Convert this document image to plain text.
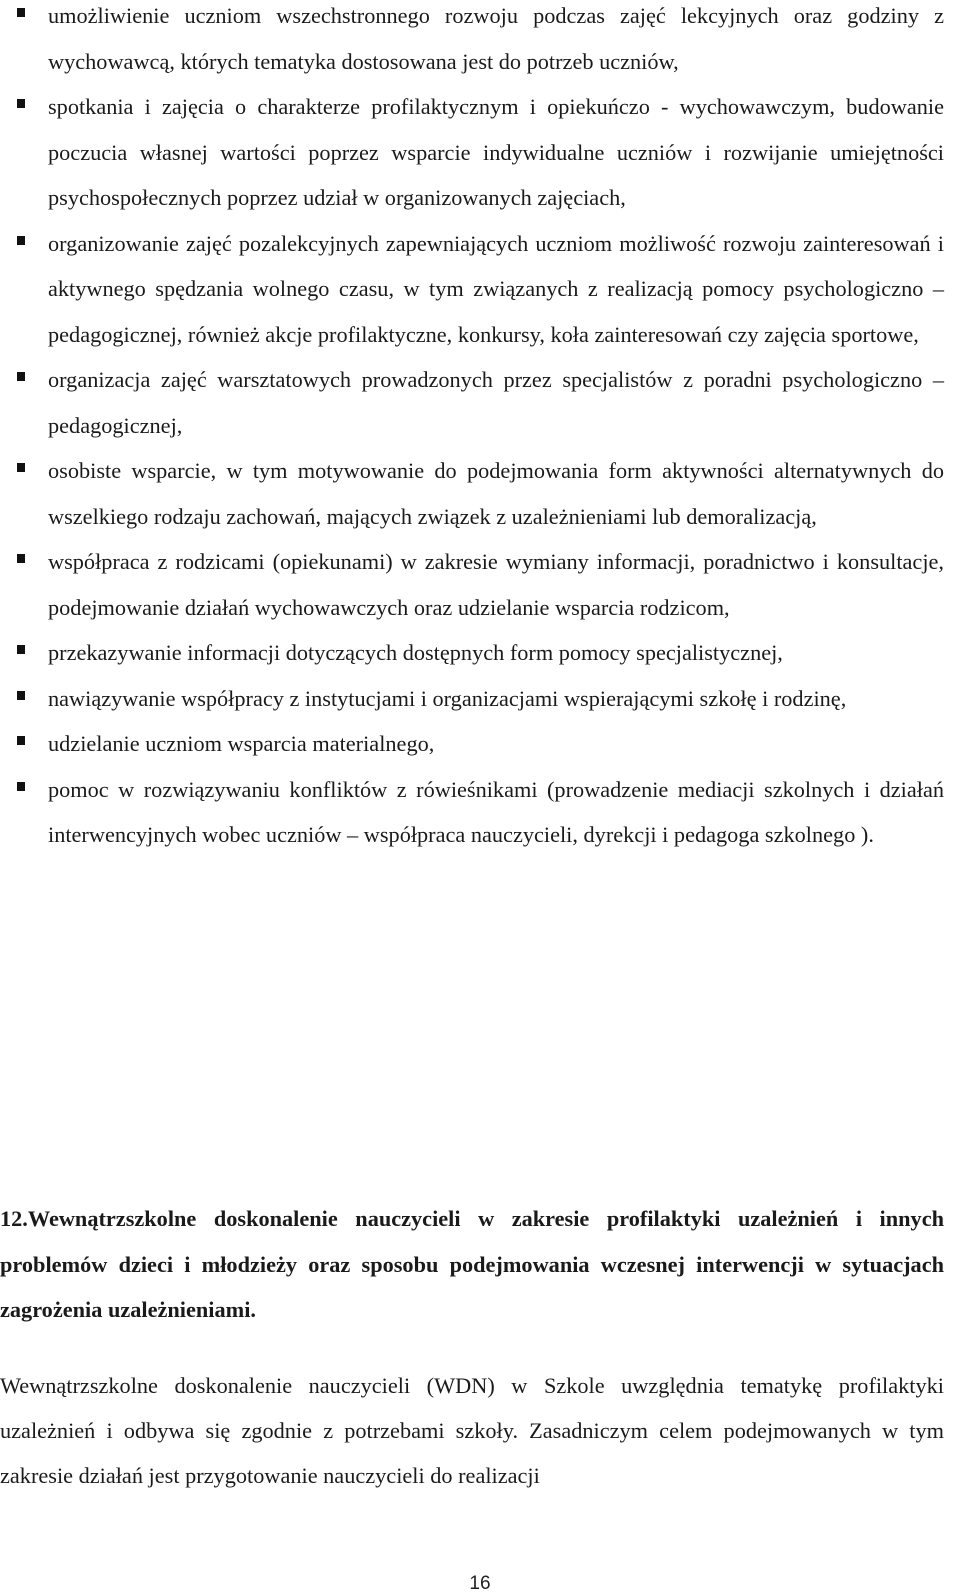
umożliwienie uczniom wszechstronnego rozwoju podczas zajęć lekcyjnych oraz godziny z wychowawcą, których tematyka dostosowana jest do potrzeb uczniów,
spotkania i zajęcia o charakterze profilaktycznym i opiekuńczo - wychowawczym, budowanie poczucia własnej wartości poprzez wsparcie indywidualne uczniów i rozwijanie umiejętności psychospołecznych poprzez udział w organizowanych zajęciach,
organizowanie zajęć pozalekcyjnych zapewniających uczniom możliwość rozwoju zainteresowań i aktywnego spędzania wolnego czasu, w tym związanych z realizacją pomocy psychologiczno – pedagogicznej, również akcje profilaktyczne, konkursy, koła zainteresowań czy zajęcia sportowe,
organizacja zajęć warsztatowych prowadzonych przez specjalistów z poradni psychologiczno – pedagogicznej,
osobiste wsparcie, w tym motywowanie do podejmowania form aktywności alternatywnych do wszelkiego rodzaju zachowań, mających związek z uzależnieniami lub demoralizacją,
współpraca z rodzicami (opiekunami) w zakresie wymiany informacji, poradnictwo i konsultacje, podejmowanie działań wychowawczych oraz udzielanie wsparcia rodzicom,
przekazywanie informacji dotyczących dostępnych form pomocy specjalistycznej,
nawiązywanie współpracy z instytucjami i organizacjami wspierającymi szkołę i rodzinę,
udzielanie uczniom wsparcia materialnego,
pomoc w rozwiązywaniu konfliktów z rówieśnikami (prowadzenie mediacji szkolnych i działań interwencyjnych wobec uczniów – współpraca nauczycieli, dyrekcji i pedagoga szkolnego ).
12.Wewnątrzszkolne doskonalenie nauczycieli w zakresie profilaktyki uzależnień i innych problemów dzieci i młodzieży oraz sposobu podejmowania wczesnej interwencji w sytuacjach zagrożenia uzależnieniami.

Wewnątrzszkolne doskonalenie nauczycieli (WDN) w Szkole uwzględnia tematykę profilaktyki uzależnień i odbywa się zgodnie z potrzebami szkoły. Zasadniczym celem podejmowanych w tym zakresie działań jest przygotowanie nauczycieli do realizacji

16
